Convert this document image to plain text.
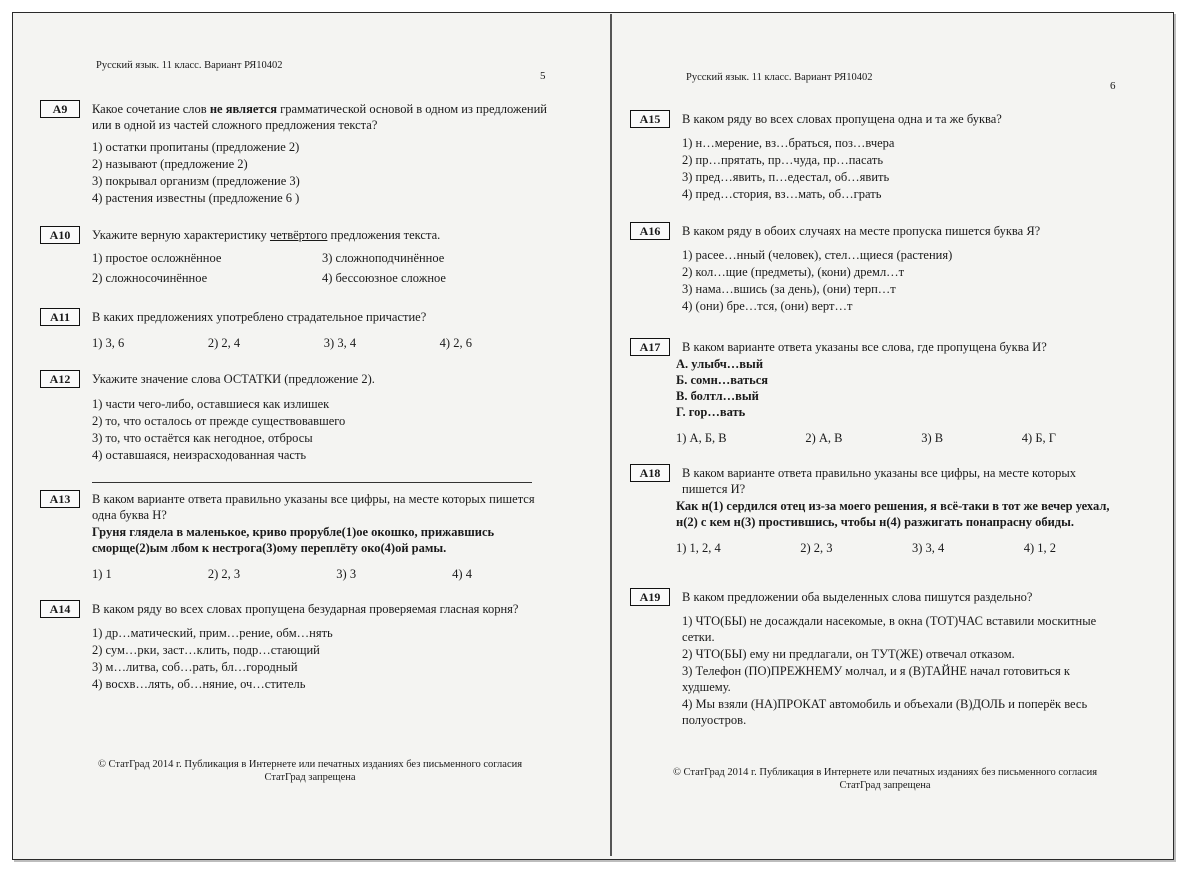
Русский язык. 11 класс. Вариант РЯ10402
5
А9	Какое сочетание слов не является грамматической основой в одном из предложений или в одной из частей сложного предложения текста?
1) остатки пропитаны (предложение 2)
2) называют (предложение 2)
3) покрывал организм (предложение 3)
4) растения известны (предложение 6 )
А10	Укажите верную характеристику четвёртого предложения текста.
1) простое осложнённое	3) сложноподчинённое
2) сложносочинённое	4) бессоюзное сложное
А11	В каких предложениях употреблено страдательное причастие?
1) 3, 6	2) 2, 4	3) 3, 4	4) 2, 6
А12	Укажите значение слова ОСТАТКИ (предложение 2).
1) части чего-либо, оставшиеся как излишек
2) то, что осталось от прежде существовавшего
3) то, что остаётся как негодное, отбросы
4) оставшаяся, неизрасходованная часть
А13	В каком варианте ответа правильно указаны все цифры, на месте которых пишется одна буква Н?
Груня глядела в маленькое, криво прорубле(1)ое окошко, прижавшись сморще(2)ым лбом к нестрога(3)ому переплёту око(4)ой рамы.
1) 1	2) 2, 3	3) 3	4) 4
А14	В каком ряду во всех словах пропущена безударная проверяемая гласная корня?
1) др…матический, прим…рение, обм…нять
2) сум…рки, заст…клить, подр…стающий
3) м…литва, соб…рать, бл…городный
4) восхв…лять, об…няние, оч…ститель
© СтатГрад 2014 г. Публикация в Интернете или печатных изданиях без письменного согласия
СтатГрад запрещена
Русский язык. 11 класс. Вариант РЯ10402
6
А15	В каком ряду во всех словах пропущена одна и та же буква?
1) н…мерение, вз…браться, поз…вчера
2) пр…прятать, пр…чуда, пр…пасать
3) пред…явить, п…едестал, об…явить
4) пред…стория, вз…мать, об…грать
А16	В каком ряду в обоих случаях на месте пропуска пишется буква Я?
1) расее…нный (человек), стел…щиеся (растения)
2) кол…щие (предметы), (кони) дремл…т
3) нама…вшись (за день), (они) терп…т
4) (они) бре…тся, (они) верт…т
А17	В каком варианте ответа указаны все слова, где пропущена буква И?
А. улыбч…вый
Б. сомн…ваться
В. болтл…вый
Г. гор…вать
1) А, Б, В	2) А, В	3) В	4) Б, Г
А18	В каком варианте ответа правильно указаны все цифры, на месте которых пишется И?
Как н(1) сердился отец из-за моего решения, я всё-таки в тот же вечер уехал, н(2) с кем н(3) простившись, чтобы н(4) разжигать понапрасну обиды.
1) 1, 2, 4	2) 2, 3	3) 3, 4	4) 1, 2
А19	В каком предложении оба выделенных слова пишутся раздельно?
1) ЧТО(БЫ) не досаждали насекомые, в окна (ТОТ)ЧАС вставили москитные сетки.
2) ЧТО(БЫ) ему ни предлагали, он ТУТ(ЖЕ) отвечал отказом.
3) Телефон (ПО)ПРЕЖНЕМУ молчал, и я (В)ТАЙНЕ начал готовиться к худшему.
4) Мы взяли (НА)ПРОКАТ автомобиль и объехали (В)ДОЛЬ и поперёк весь полуостров.
© СтатГрад 2014 г. Публикация в Интернете или печатных изданиях без письменного согласия
СтатГрад запрещена
